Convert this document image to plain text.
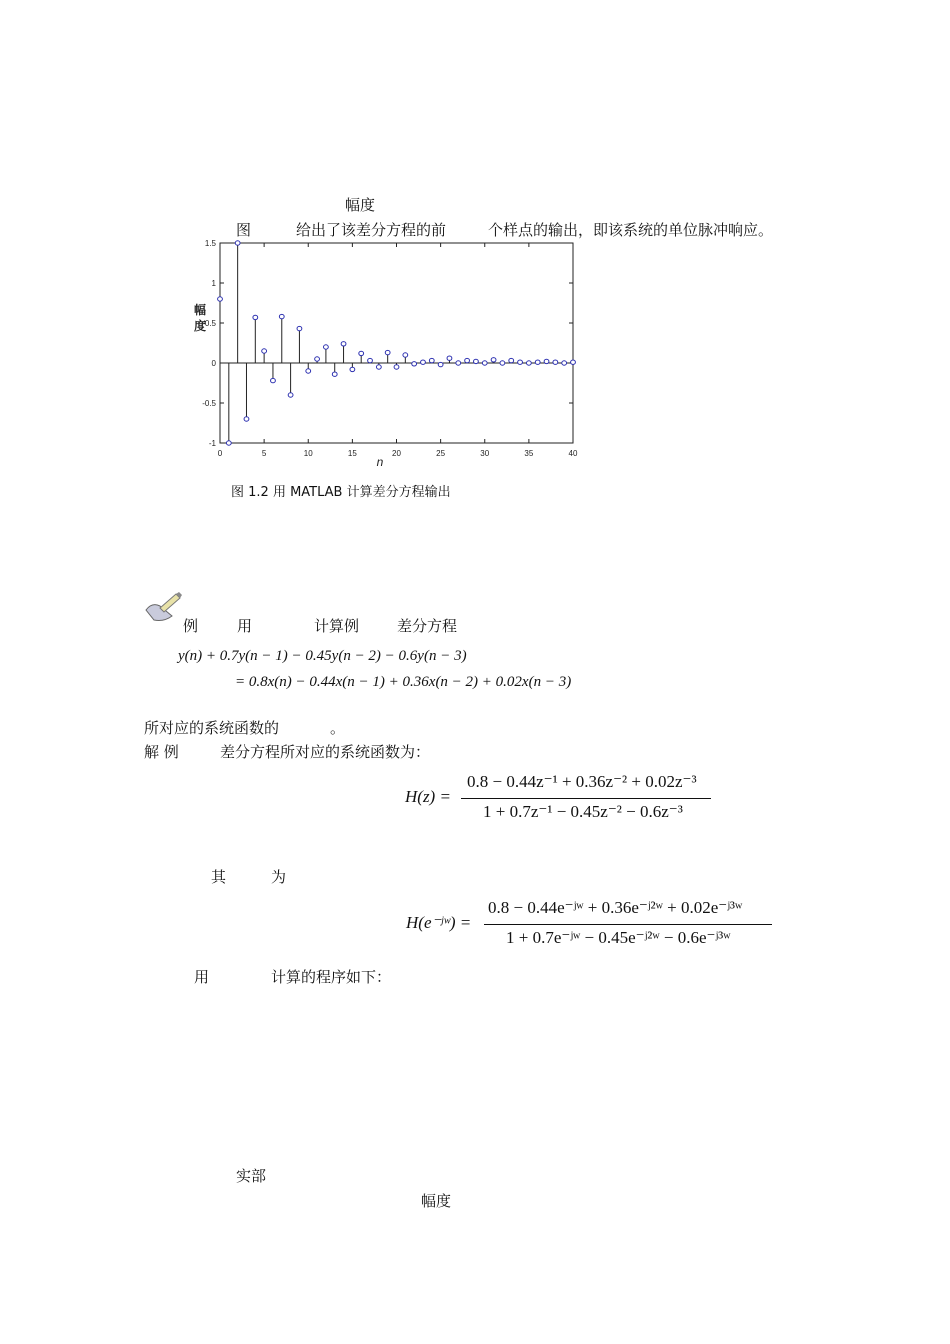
幅度
图	给出了该差分方程的前	个样点的输出，即该系统的单位脉冲响应。
幅
度
0	5	10	15	20	25	30	35	40
1.5
1
0.5
0
-0.5
-1
n
图 1.2 用 MATLAB 计算差分方程输出
例	用	计算例	差分方程
y(n) + 0.7y(n − 1) − 0.45y(n − 2) − 0.6y(n − 3)
= 0.8x(n) − 0.44x(n − 1) + 0.36x(n − 2) + 0.02x(n − 3)
所对应的系统函数的	。
解 例	差分方程所对应的系统函数为：
H(z) =
0.8 − 0.44z⁻¹ + 0.36z⁻² + 0.02z⁻³
1 + 0.7z⁻¹ − 0.45z⁻² − 0.6z⁻³
其	为
H(e⁻ʲʷ) =
0.8 − 0.44e⁻ʲʷ + 0.36e⁻ʲ²ʷ + 0.02e⁻ʲ³ʷ
1 + 0.7e⁻ʲʷ − 0.45e⁻ʲ²ʷ − 0.6e⁻ʲ³ʷ
用	计算的程序如下：
实部
幅度
